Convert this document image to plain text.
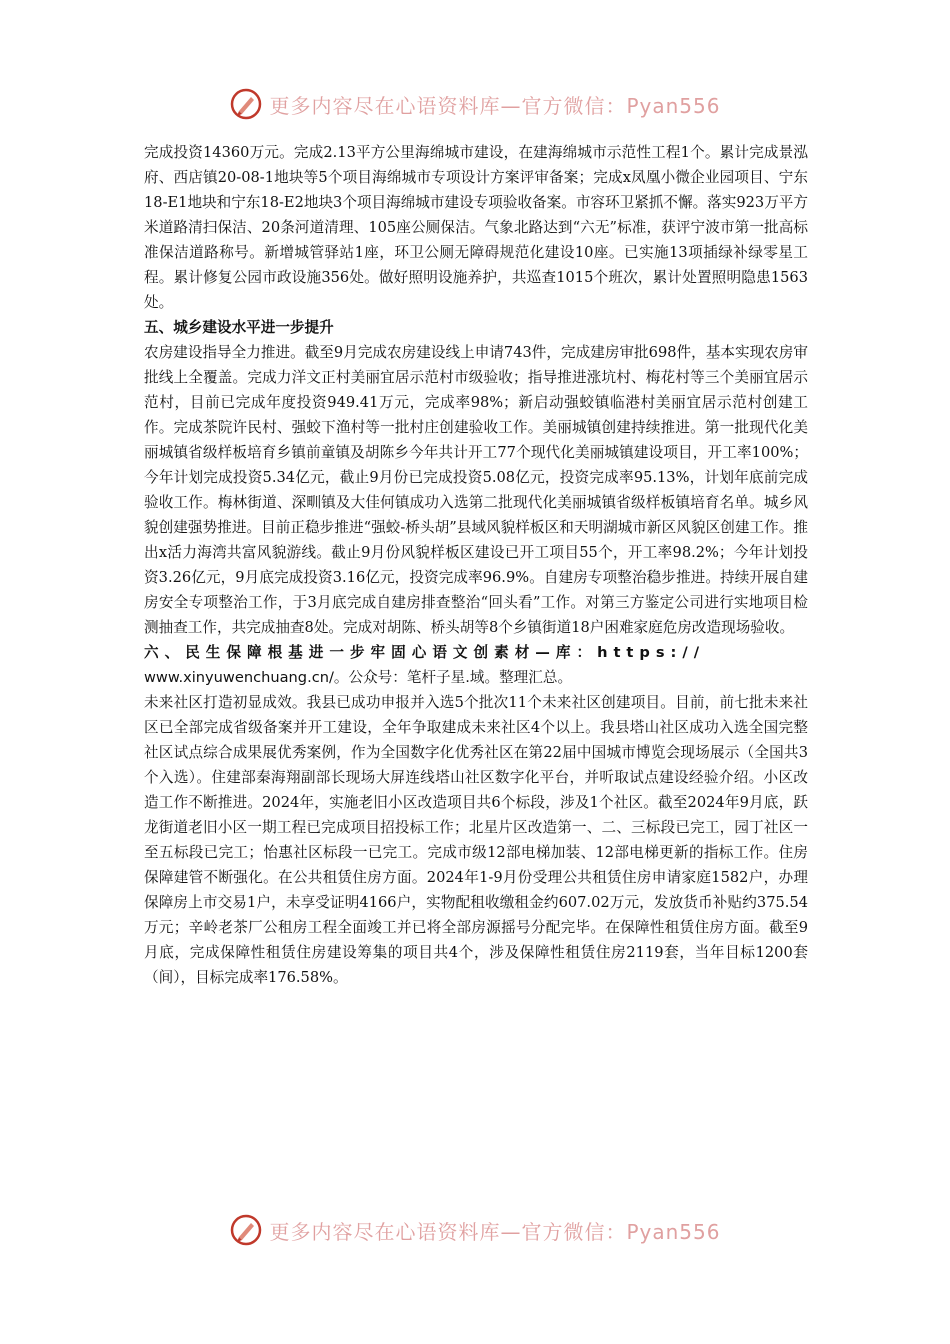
更多内容尽在心语资料库—官方微信：Pyan556

完成投资14360万元。完成2.13平方公里海绵城市建设，在建海绵城市示范性工程1个。累计完成景泓府、西店镇20-08-1地块等5个项目海绵城市专项设计方案评审备案；完成x凤凰小微企业园项目、宁东18-E1地块和宁东18-E2地块3个项目海绵城市建设专项验收备案。市容环卫紧抓不懈。落实923万平方米道路清扫保洁、20条河道清理、105座公厕保洁。气象北路达到“六无”标准，获评宁波市第一批高标准保洁道路称号。新增城管驿站1座，环卫公厕无障碍规范化建设10座。已实施13项插绿补绿零星工程。累计修复公园市政设施356处。做好照明设施养护，共巡查1015个班次，累计处置照明隐患1563处。

五、城乡建设水平进一步提升

农房建设指导全力推进。截至9月完成农房建设线上申请743件，完成建房审批698件，基本实现农房审批线上全覆盖。完成力洋文正村美丽宜居示范村市级验收；指导推进涨坑村、梅花村等三个美丽宜居示范村，目前已完成年度投资949.41万元，完成率98%；新启动强蛟镇临港村美丽宜居示范村创建工作。完成茶院许民村、强蛟下渔村等一批村庄创建验收工作。美丽城镇创建持续推进。第一批现代化美丽城镇省级样板培育乡镇前童镇及胡陈乡今年共计开工77个现代化美丽城镇建设项目，开工率100%；今年计划完成投资5.34亿元，截止9月份已完成投资5.08亿元，投资完成率95.13%，计划年底前完成验收工作。梅林街道、深甽镇及大佳何镇成功入选第二批现代化美丽城镇省级样板镇培育名单。城乡风貌创建强势推进。目前正稳步推进“强蛟-桥头胡”县域风貌样板区和天明湖城市新区风貌区创建工作。推出x活力海湾共富风貌游线。截止9月份风貌样板区建设已开工项目55个，开工率98.2%；今年计划投资3.26亿元，9月底完成投资3.16亿元，投资完成率96.9%。自建房专项整治稳步推进。持续开展自建房安全专项整治工作，于3月底完成自建房排查整治“回头看”工作。对第三方鉴定公司进行实地项目检测抽查工作，共完成抽查8处。完成对胡陈、桥头胡等8个乡镇街道18户困难家庭危房改造现场验收。

六、民生保障根基进一步牢固心语文创素材—库：https://

www.xinyuwenchuang.cn/。公众号：笔杆子星.域。整理汇总。

未来社区打造初显成效。我县已成功申报并入选5个批次11个未来社区创建项目。目前，前七批未来社区已全部完成省级备案并开工建设，全年争取建成未来社区4个以上。我县塔山社区成功入选全国完整社区试点综合成果展优秀案例，作为全国数字化优秀社区在第22届中国城市博览会现场展示（全国共3个入选）。住建部秦海翔副部长现场大屏连线塔山社区数字化平台，并听取试点建设经验介绍。小区改造工作不断推进。2024年，实施老旧小区改造项目共6个标段，涉及1个社区。截至2024年9月底，跃龙街道老旧小区一期工程已完成项目招投标工作；北星片区改造第一、二、三标段已完工，园丁社区一至五标段已完工；怡惠社区标段一已完工。完成市级12部电梯加装、12部电梯更新的指标工作。住房保障建管不断强化。在公共租赁住房方面。2024年1-9月份受理公共租赁住房申请家庭1582户，办理保障房上市交易1户，未享受证明4166户，实物配租收缴租金约607.02万元，发放货币补贴约375.54万元；辛岭老茶厂公租房工程全面竣工并已将全部房源摇号分配完毕。在保障性租赁住房方面。截至9月底，完成保障性租赁住房建设筹集的项目共4个，涉及保障性租赁住房2119套，当年目标1200套（间），目标完成率176.58%。

更多内容尽在心语资料库—官方微信：Pyan556
